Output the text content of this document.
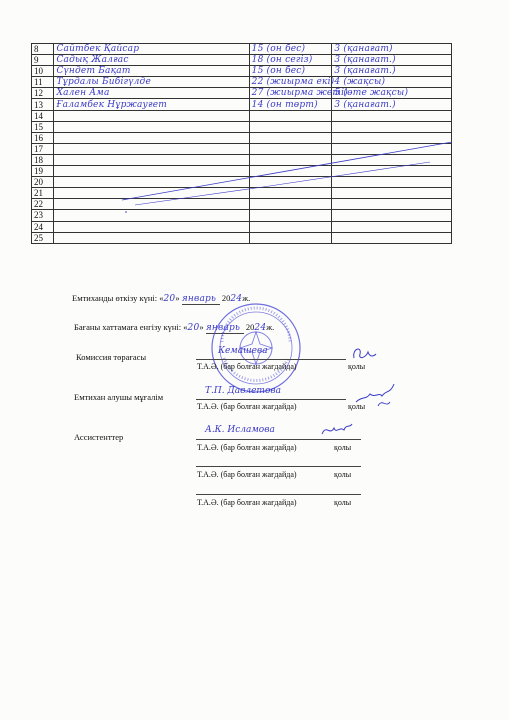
8	Сайтбек Қайсар	15 (он бес)	3 (қанағат)
9	Садық Жалғас	18 (он сегіз)	3 (қанағат.)
10	Сүндет Бақат	15 (он бес)	3 (қанағат.)
11	Тұрдалы Бибігүлде	22 (жиырма екі)	4 (жақсы)
12	Хален Ама	27 (жиырма жеті)	5 (өте жақсы)
13	Ғаламбек Нұржауғет	14 (он төрт)	3 (қанағат.)
14			
15			
16			
17			
18			
19			
20			
21			
22			
23			
24			
25			
Емтиханды өткізу күні: «20» январь 2024ж.
Бағаны хаттамаға енгізу күні: «20» январь 2024ж.
Комиссия төрағасы
Кемашева
Т.А.Ә. (бар болған жағдайда)	қолы
Емтихан алушы мұғалім
Т.П. Давлетова
Т.А.Ә. (бар болған жағдайда)	қолы
Ассистенттер
А.К. Исламова
Т.А.Ә. (бар болған жағдайда)	қолы
Т.А.Ә. (бар болған жағдайда)	қолы
Т.А.Ә. (бар болған жағдайда)	қолы
